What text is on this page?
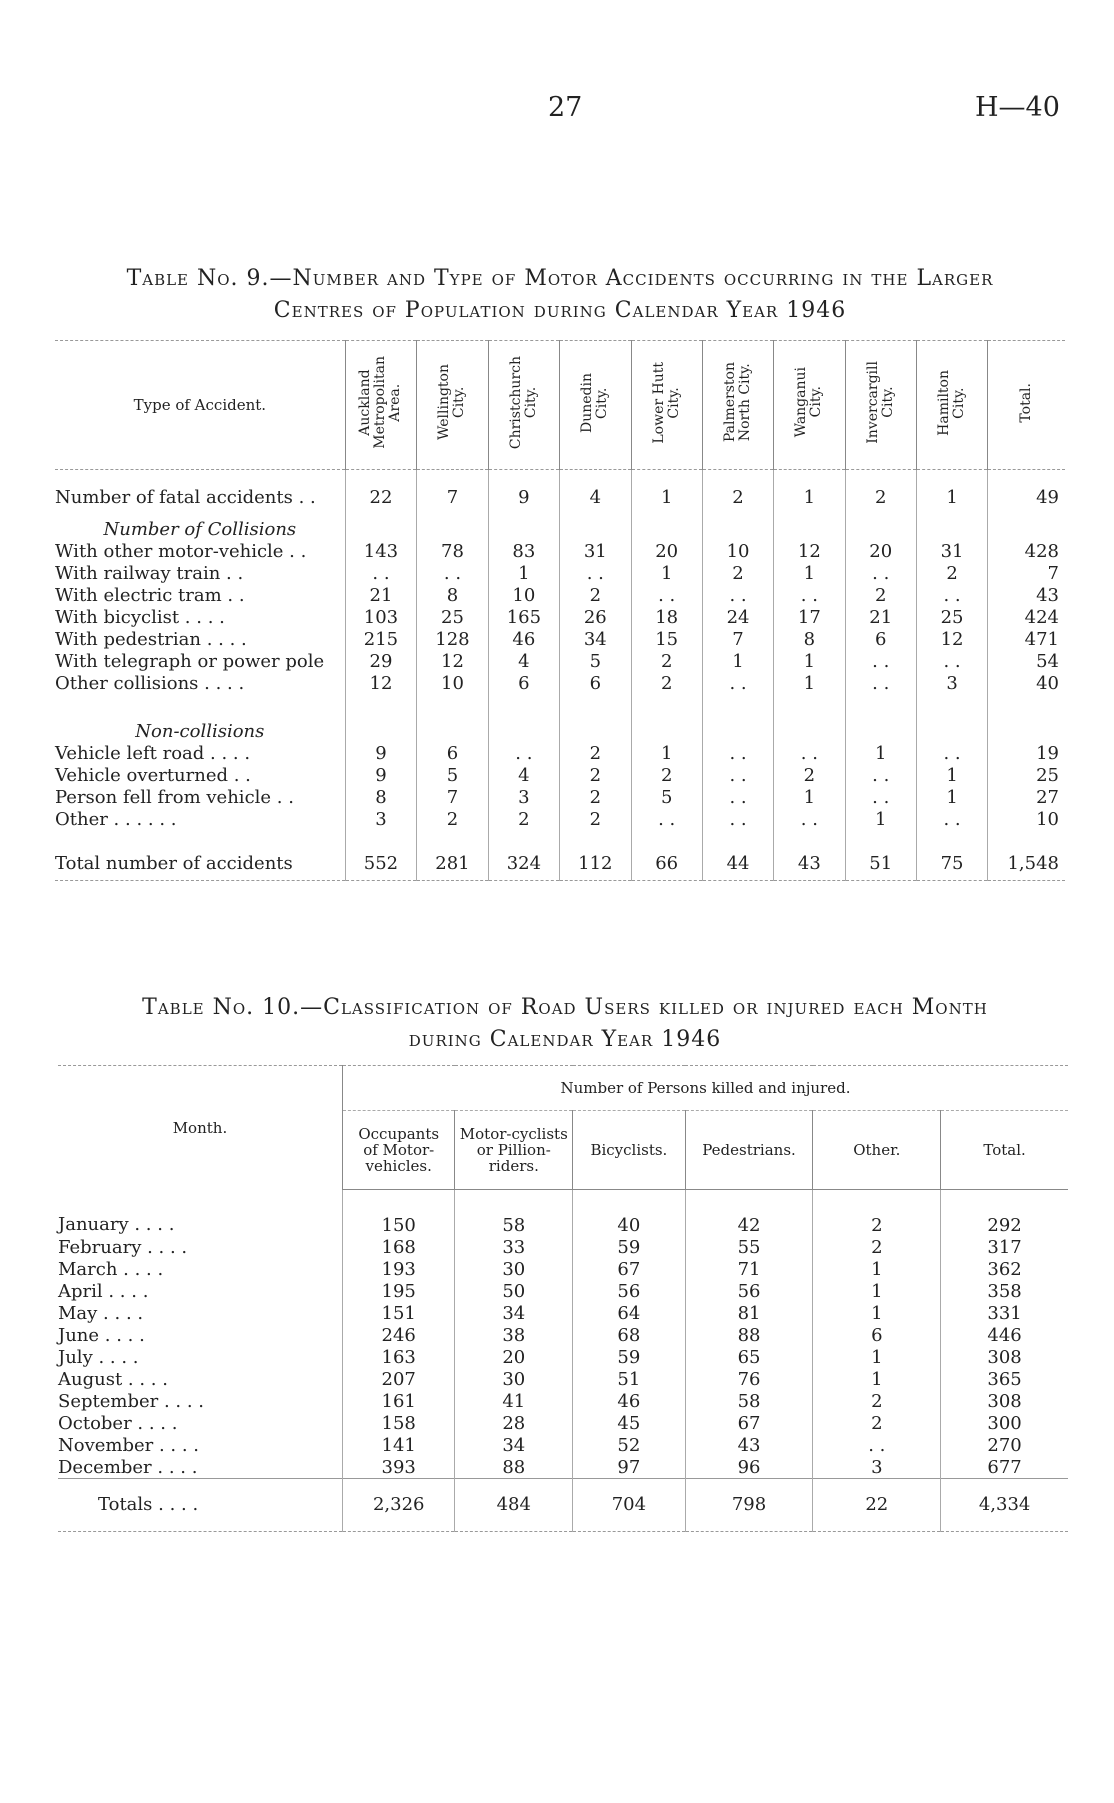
27	H—40
Table No. 9.—Number and Type of Motor Accidents occurring in the Larger
Centres of Population during Calendar Year 1946
Type of Accident.	Auckland
Metropolitan
Area.	Wellington
City.	Christchurch
City.	Dunedin
City.	Lower Hutt
City.	Palmerston
North City.	Wanganui
City.	Invercargill
City.	Hamilton
City.	Total.
Number of fatal accidents . .	22	7	9	4	1	2	1	2	1	49
Number of Collisions										
With other motor-vehicle . .	143	78	83	31	20	10	12	20	31	428
With railway train . .	. .	. .	1	. .	1	2	1	. .	2	7
With electric tram . .	21	8	10	2	. .	. .	. .	2	. .	43
With bicyclist . . . .	103	25	165	26	18	24	17	21	25	424
With pedestrian . . . .	215	128	46	34	15	7	8	6	12	471
With telegraph or power pole	29	12	4	5	2	1	1	. .	. .	54
Other collisions . . . .	12	10	6	6	2	. .	1	. .	3	40

Non-collisions										
Vehicle left road . . . .	9	6	. .	2	1	. .	. .	1	. .	19
Vehicle overturned . .	9	5	4	2	2	. .	2	. .	1	25
Person fell from vehicle . .	8	7	3	2	5	. .	1	. .	1	27
Other . . . . . .	3	2	2	2	. .	. .	. .	1	. .	10
Total number of accidents	552	281	324	112	66	44	43	51	75	1,548
Table No. 10.—Classification of Road Users killed or injured each Month
during Calendar Year 1946
Month.	Number of Persons killed and injured.					
	Occupants
of Motor-
vehicles.	Motor-cyclists
or Pillion-
riders.	Bicyclists.	Pedestrians.	Other.	Total.
January . . . .	150	58	40	42	2	292
February . . . .	168	33	59	55	2	317
March . . . .	193	30	67	71	1	362
April . . . .	195	50	56	56	1	358
May . . . .	151	34	64	81	1	331
June . . . .	246	38	68	88	6	446
July . . . .	163	20	59	65	1	308
August . . . .	207	30	51	76	1	365
September . . . .	161	41	46	58	2	308
October . . . .	158	28	45	67	2	300
November . . . .	141	34	52	43	. .	270
December . . . .	393	88	97	96	3	677
Totals . . . .	2,326	484	704	798	22	4,334
